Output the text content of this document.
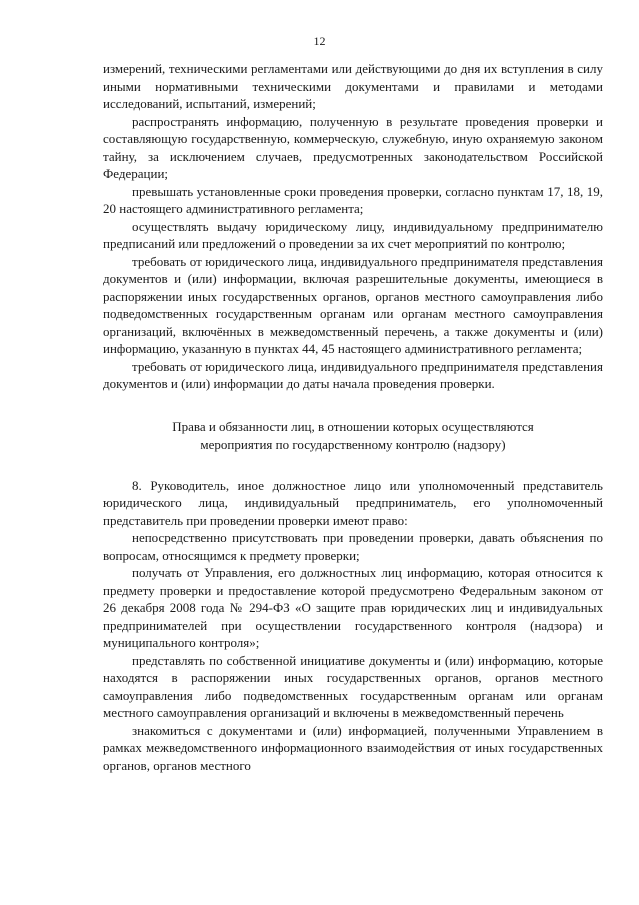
12

измерений, техническими регламентами или действующими до дня их вступления в силу иными нормативными техническими документами и правилами и методами исследований, испытаний, измерений;

распространять информацию, полученную в результате проведения проверки и составляющую государственную, коммерческую, служебную, иную охраняемую законом тайну, за исключением случаев, предусмотренных законодательством Российской Федерации;

превышать установленные сроки проведения проверки, согласно пунктам 17, 18, 19, 20 настоящего административного регламента;

осуществлять выдачу юридическому лицу, индивидуальному предпринимателю предписаний или предложений о проведении за их счет мероприятий по контролю;

требовать от юридического лица, индивидуального предпринимателя представления документов и (или) информации, включая разрешительные документы, имеющиеся в распоряжении иных государственных органов, органов местного самоуправления либо подведомственных государственным органам или органам местного самоуправления организаций, включённых в межведомственный перечень, а также документы и (или) информацию, указанную в пунктах 44, 45 настоящего административного регламента;

требовать от юридического лица, индивидуального предпринимателя представления документов и (или) информации до даты начала проведения проверки.

Права и обязанности лиц, в отношении которых осуществляются
мероприятия по государственному контролю (надзору)

8. Руководитель, иное должностное лицо или уполномоченный представитель юридического лица, индивидуальный предприниматель, его уполномоченный представитель при проведении проверки имеют право:

непосредственно присутствовать при проведении проверки, давать объяснения по вопросам, относящимся к предмету проверки;

получать от Управления, его должностных лиц информацию, которая относится к предмету проверки и предоставление которой предусмотрено Федеральным законом от 26 декабря 2008 года № 294-ФЗ «О защите прав юридических лиц и индивидуальных предпринимателей при осуществлении государственного контроля (надзора) и муниципального контроля»;

представлять по собственной инициативе документы и (или) информацию, которые находятся в распоряжении иных государственных органов, органов местного самоуправления либо подведомственных государственным органам или органам местного самоуправления организаций и включены в межведомственный перечень

знакомиться с документами и (или) информацией, полученными Управлением в рамках межведомственного информационного взаимодействия от иных государственных органов, органов местного
